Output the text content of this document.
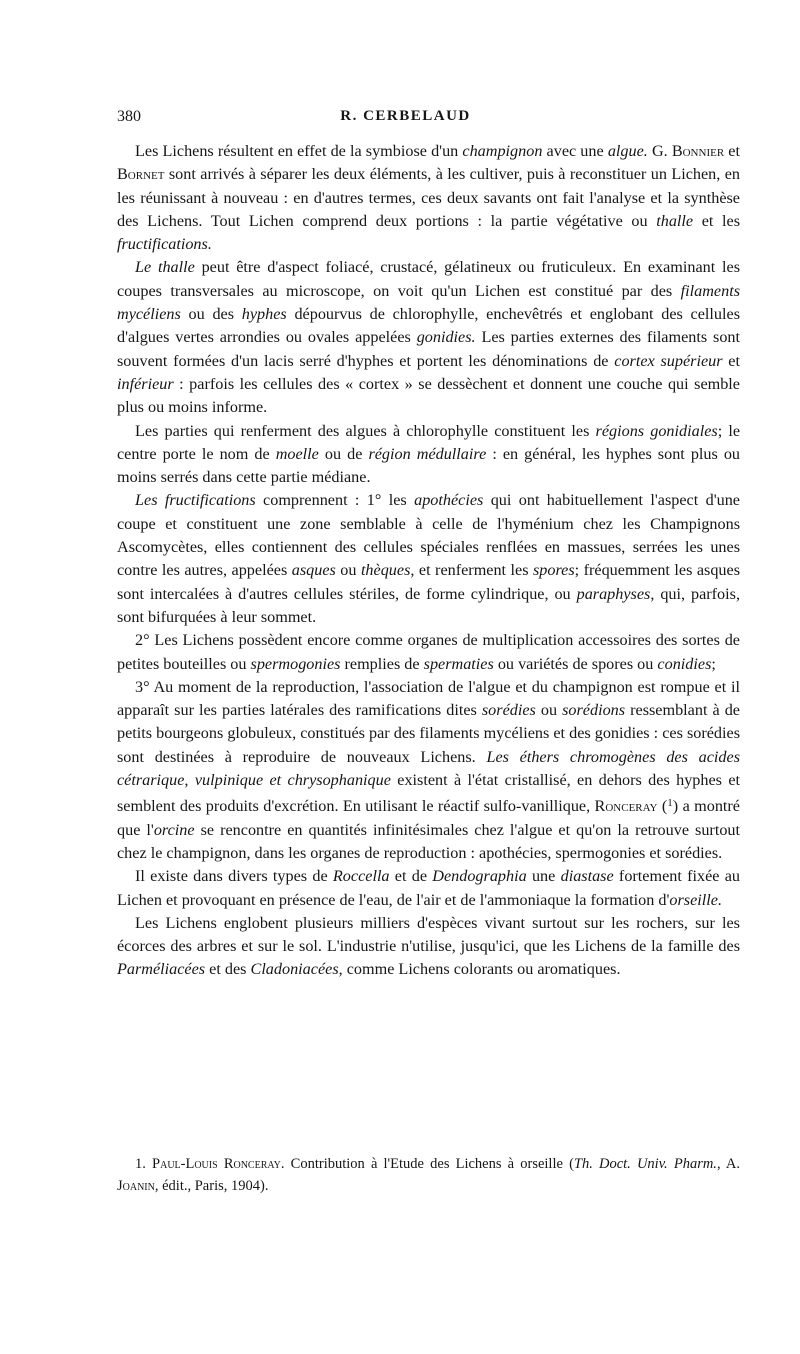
380	R. CERBELAUD

Les Lichens résultent en effet de la symbiose d'un champignon avec une algue. G. Bonnier et Bornet sont arrivés à séparer les deux éléments, à les cultiver, puis à reconstituer un Lichen, en les réunissant à nouveau : en d'autres termes, ces deux savants ont fait l'analyse et la synthèse des Lichens. Tout Lichen comprend deux portions : la partie végétative ou thalle et les fructifications.

Le thalle peut être d'aspect foliacé, crustacé, gélatineux ou fruticuleux. En examinant les coupes transversales au microscope, on voit qu'un Lichen est constitué par des filaments mycéliens ou des hyphes dépourvus de chlorophylle, enchevêtrés et englobant des cellules d'algues vertes arrondies ou ovales appelées gonidies. Les parties externes des filaments sont souvent formées d'un lacis serré d'hyphes et portent les dénominations de cortex supérieur et inférieur : parfois les cellules des « cortex » se dessèchent et donnent une couche qui semble plus ou moins informe.

Les parties qui renferment des algues à chlorophylle constituent les régions gonidiales; le centre porte le nom de moelle ou de région médullaire : en général, les hyphes sont plus ou moins serrés dans cette partie médiane.

Les fructifications comprennent : 1° les apothécies qui ont habituellement l'aspect d'une coupe et constituent une zone semblable à celle de l'hyménium chez les Champignons Ascomycètes, elles contiennent des cellules spéciales renflées en massues, serrées les unes contre les autres, appelées asques ou thèques, et renferment les spores; fréquemment les asques sont intercalées à d'autres cellules stériles, de forme cylindrique, ou paraphyses, qui, parfois, sont bifurquées à leur sommet.

2° Les Lichens possèdent encore comme organes de multiplication accessoires des sortes de petites bouteilles ou spermogonies remplies de spermaties ou variétés de spores ou conidies;

3° Au moment de la reproduction, l'association de l'algue et du champignon est rompue et il apparaît sur les parties latérales des ramifications dites sorédies ou sorédions ressemblant à de petits bourgeons globuleux, constitués par des filaments mycéliens et des gonidies : ces sorédies sont destinées à reproduire de nouveaux Lichens. Les éthers chromogènes des acides cétrarique, vulpinique et chrysophanique existent à l'état cristallisé, en dehors des hyphes et semblent des produits d'excrétion. En utilisant le réactif sulfo-vanillique, Ronceray ($^1$) a montré que l'orcine se rencontre en quantités infinitésimales chez l'algue et qu'on la retrouve surtout chez le champignon, dans les organes de reproduction : apothécies, spermogonies et sorédies.

Il existe dans divers types de Roccella et de Dendographia une diastase fortement fixée au Lichen et provoquant en présence de l'eau, de l'air et de l'ammoniaque la formation d'orseille.

Les Lichens englobent plusieurs milliers d'espèces vivant surtout sur les rochers, sur les écorces des arbres et sur le sol. L'industrie n'utilise, jusqu'ici, que les Lichens de la famille des Parméliacées et des Cladoniacées, comme Lichens colorants ou aromatiques.

1. Paul-Louis Ronceray. Contribution à l'Etude des Lichens à orseille (Th. Doct. Univ. Pharm., A. Joanin, édit., Paris, 1904).
